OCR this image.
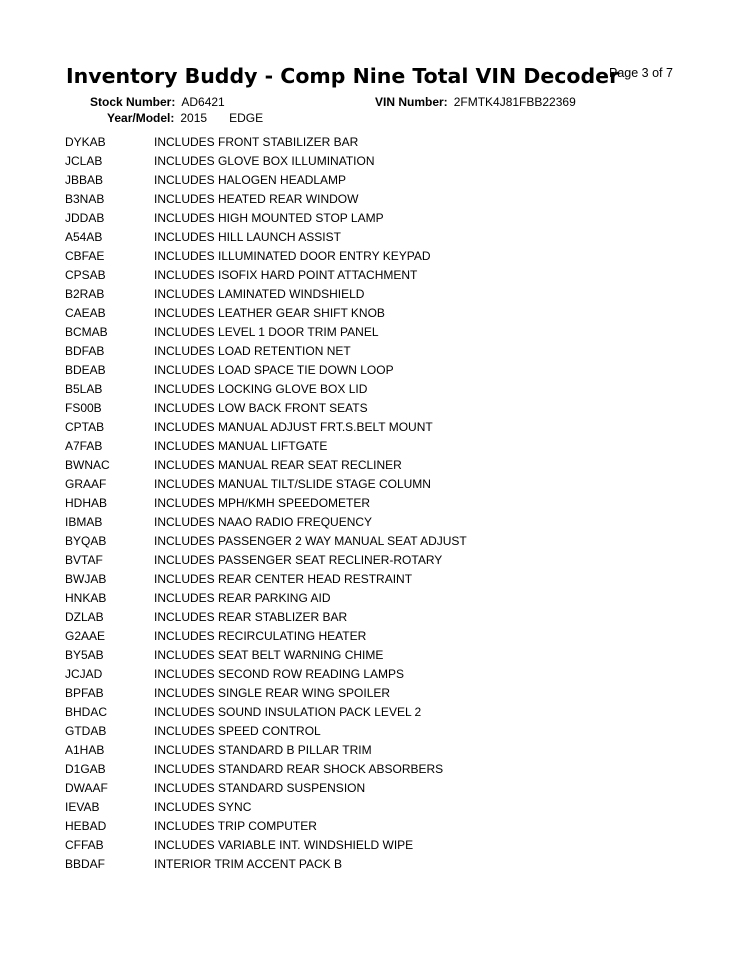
Inventory Buddy - Comp Nine Total VIN Decoder
Page 3 of 7
Stock Number: AD6421	VIN Number: 2FMTK4J81FBB22369
Year/Model: 2015 EDGE
DYKAB	INCLUDES FRONT STABILIZER BAR
JCLAB	INCLUDES GLOVE BOX ILLUMINATION
JBBAB	INCLUDES HALOGEN HEADLAMP
B3NAB	INCLUDES HEATED REAR WINDOW
JDDAB	INCLUDES HIGH MOUNTED STOP LAMP
A54AB	INCLUDES HILL LAUNCH ASSIST
CBFAE	INCLUDES ILLUMINATED DOOR ENTRY KEYPAD
CPSAB	INCLUDES ISOFIX HARD POINT ATTACHMENT
B2RAB	INCLUDES LAMINATED WINDSHIELD
CAEAB	INCLUDES LEATHER GEAR SHIFT KNOB
BCMAB	INCLUDES LEVEL 1 DOOR TRIM PANEL
BDFAB	INCLUDES LOAD RETENTION NET
BDEAB	INCLUDES LOAD SPACE TIE DOWN LOOP
B5LAB	INCLUDES LOCKING GLOVE BOX LID
FS00B	INCLUDES LOW BACK FRONT SEATS
CPTAB	INCLUDES MANUAL ADJUST FRT.S.BELT MOUNT
A7FAB	INCLUDES MANUAL LIFTGATE
BWNAC	INCLUDES MANUAL REAR SEAT RECLINER
GRAAF	INCLUDES MANUAL TILT/SLIDE STAGE COLUMN
HDHAB	INCLUDES MPH/KMH SPEEDOMETER
IBMAB	INCLUDES NAAO RADIO FREQUENCY
BYQAB	INCLUDES PASSENGER 2 WAY MANUAL SEAT ADJUST
BVTAF	INCLUDES PASSENGER SEAT RECLINER-ROTARY
BWJAB	INCLUDES REAR CENTER HEAD RESTRAINT
HNKAB	INCLUDES REAR PARKING AID
DZLAB	INCLUDES REAR STABLIZER BAR
G2AAE	INCLUDES RECIRCULATING HEATER
BY5AB	INCLUDES SEAT BELT WARNING CHIME
JCJAD	INCLUDES SECOND ROW READING LAMPS
BPFAB	INCLUDES SINGLE REAR WING SPOILER
BHDAC	INCLUDES SOUND INSULATION PACK LEVEL 2
GTDAB	INCLUDES SPEED CONTROL
A1HAB	INCLUDES STANDARD B PILLAR TRIM
D1GAB	INCLUDES STANDARD REAR SHOCK ABSORBERS
DWAAF	INCLUDES STANDARD SUSPENSION
IEVAB	INCLUDES SYNC
HEBAD	INCLUDES TRIP COMPUTER
CFFAB	INCLUDES VARIABLE INT. WINDSHIELD WIPE
BBDAF	INTERIOR TRIM ACCENT PACK B
